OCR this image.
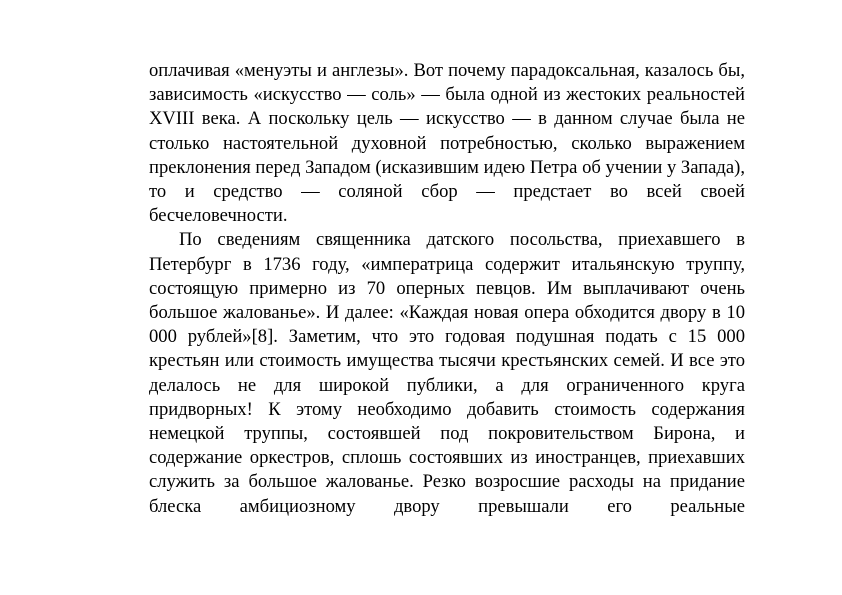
оплачивая «менуэты и англезы». Вот почему парадоксальная, казалось бы, зависимость «искусство — соль» — была одной из жестоких реальностей XVIII века. А поскольку цель — искусство — в данном случае была не столько настоятельной духовной потребностью, сколько выражением преклонения перед Западом (исказившим идею Петра об учении у Запада), то и средство — соляной сбор — предстает во всей своей бесчеловечности.

По сведениям священника датского посольства, приехавшего в Петербург в 1736 году, «императрица содержит итальянскую труппу, состоящую примерно из 70 оперных певцов. Им выплачивают очень большое жалованье». И далее: «Каждая новая опера обходится двору в 10 000 рублей»[8]. Заметим, что это годовая подушная подать с 15 000 крестьян или стоимость имущества тысячи крестьянских семей. И все это делалось не для широкой публики, а для ограниченного круга придворных! К этому необходимо добавить стоимость содержания немецкой труппы, состоявшей под покровительством Бирона, и содержание оркестров, сплошь состоявших из иностранцев, приехавших служить за большое жалованье. Резко возросшие расходы на придание блеска амбициозному двору превышали его реальные
